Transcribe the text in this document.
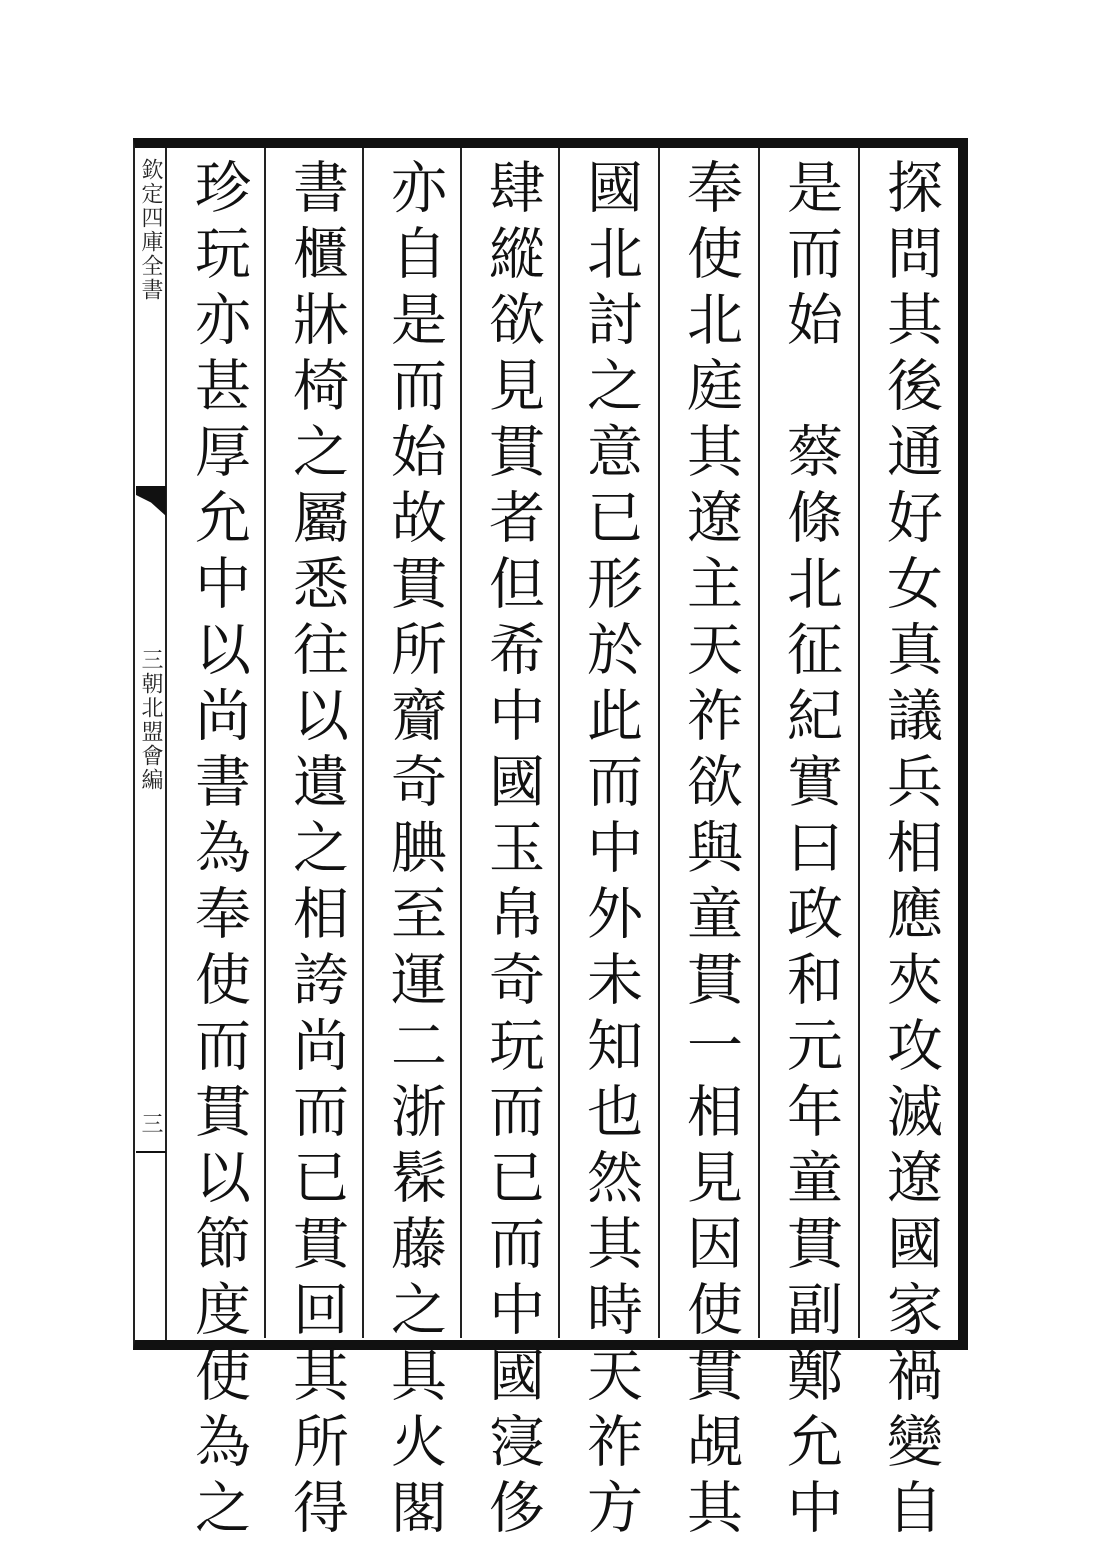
欽定四庫全書
三朝北盟會編
三	探問其後通好女真議兵相應夾攻滅遼國家禍變自
是而始　蔡條北征紀實曰政和元年童貫副鄭允中
奉使北庭其遼主天祚欲與童貫一相見因使貫覘其
國北討之意已形於此而中外未知也然其時天祚方
肆縱欲見貫者但希中國玉帛奇玩而已而中國寖侈
亦自是而始故貫所齎奇腆至運二浙髹藤之具火閣
書櫃牀椅之屬悉往以遺之相誇尚而已貫回其所得
珍玩亦甚厚允中以尚書為奉使而貫以節度使為之
